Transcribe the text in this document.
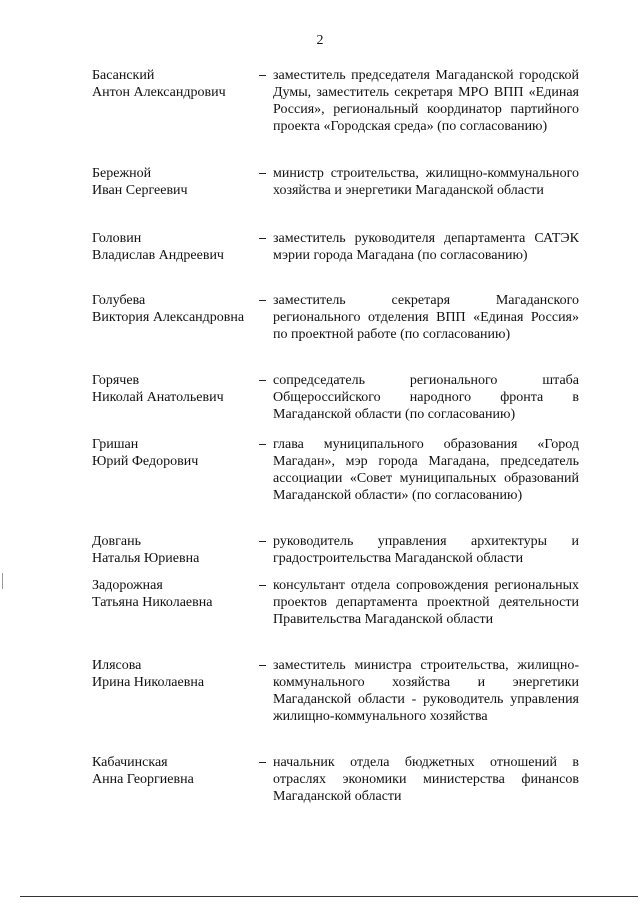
2
Басанский
Антон Александрович
заместитель председателя Магаданской городской Думы, заместитель секретаря МРО ВПП «Единая Россия», региональный координатор партийного проекта «Городская среда» (по согласованию)
Бережной
Иван Сергеевич
министр строительства, жилищно-коммунального хозяйства и энергетики Магаданской области
Головин
Владислав Андреевич
заместитель руководителя департамента САТЭК мэрии города Магадана (по согласованию)
Голубева
Виктория Александровна
заместитель секретаря Магаданского регионального отделения ВПП «Единая Россия» по проектной работе (по согласованию)
Горячев
Николай Анатольевич
сопредседатель регионального штаба Общероссийского народного фронта в Магаданской области (по согласованию)
Гришан
Юрий Федорович
глава муниципального образования «Город Магадан», мэр города Магадана, председатель ассоциации «Совет муниципальных образований Магаданской области» (по согласованию)
Довгань
Наталья Юриевна
руководитель управления архитектуры и градостроительства Магаданской области
Задорожная
Татьяна Николаевна
консультант отдела сопровождения региональных проектов департамента проектной деятельности Правительства Магаданской области
Илясова
Ирина Николаевна
заместитель министра строительства, жилищно-коммунального хозяйства и энергетики Магаданской области - руководитель управления жилищно-коммунального хозяйства
Кабачинская
Анна Георгиевна
начальник отдела бюджетных отношений в отраслях экономики министерства финансов Магаданской области
